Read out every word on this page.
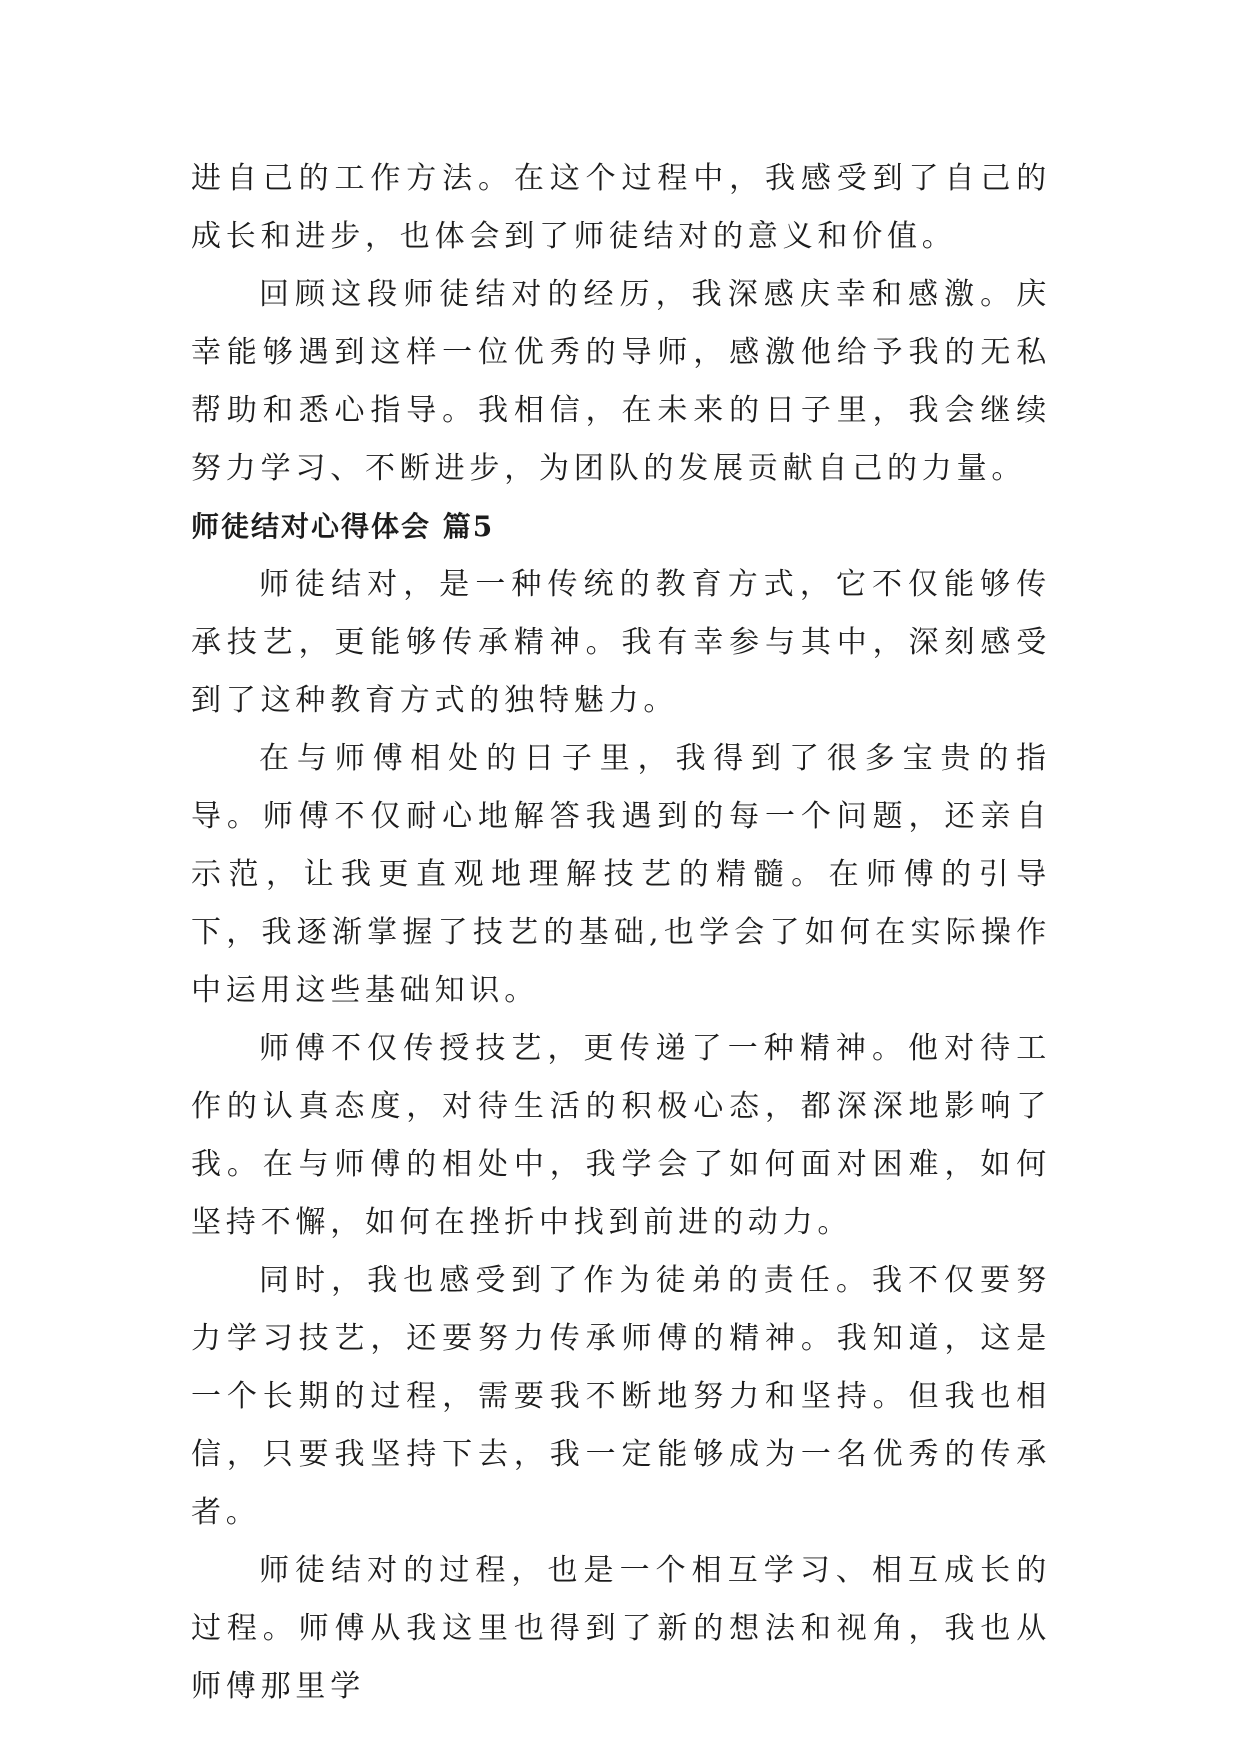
进自己的工作方法。在这个过程中，我感受到了自己的成长和进步，也体会到了师徒结对的意义和价值。

回顾这段师徒结对的经历，我深感庆幸和感激。庆幸能够遇到这样一位优秀的导师，感激他给予我的无私帮助和悉心指导。我相信，在未来的日子里，我会继续努力学习、不断进步，为团队的发展贡献自己的力量。

师徒结对心得体会 篇5

师徒结对，是一种传统的教育方式，它不仅能够传承技艺，更能够传承精神。我有幸参与其中，深刻感受到了这种教育方式的独特魅力。

在与师傅相处的日子里，我得到了很多宝贵的指导。师傅不仅耐心地解答我遇到的每一个问题，还亲自示范，让我更直观地理解技艺的精髓。在师傅的引导下，我逐渐掌握了技艺的基础,也学会了如何在实际操作中运用这些基础知识。

师傅不仅传授技艺，更传递了一种精神。他对待工作的认真态度，对待生活的积极心态，都深深地影响了我。在与师傅的相处中，我学会了如何面对困难，如何坚持不懈，如何在挫折中找到前进的动力。

同时，我也感受到了作为徒弟的责任。我不仅要努力学习技艺，还要努力传承师傅的精神。我知道，这是一个长期的过程，需要我不断地努力和坚持。但我也相信，只要我坚持下去，我一定能够成为一名优秀的传承者。

师徒结对的过程，也是一个相互学习、相互成长的过程。师傅从我这里也得到了新的想法和视角，我也从师傅那里学
